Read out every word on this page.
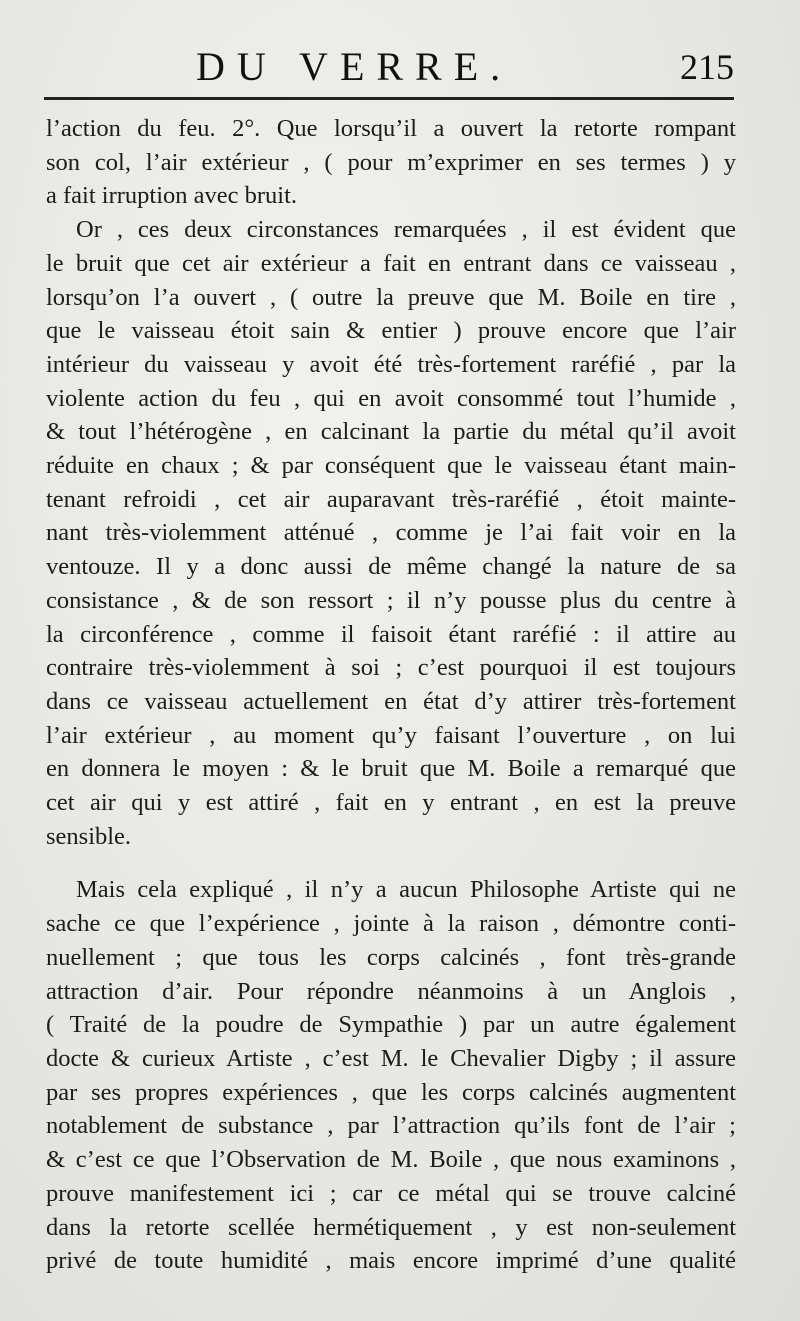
DU VERRE.	215
l’action du feu. 2°. Que lorsqu’il a ouvert la retorte rompant
son col, l’air extérieur , ( pour m’exprimer en ses termes ) y
a fait irruption avec bruit.
Or , ces deux circonstances remarquées , il est évident que
le bruit que cet air extérieur a fait en entrant dans ce vaisseau ,
lorsqu’on l’a ouvert , ( outre la preuve que M. Boile en tire ,
que le vaisseau étoit sain & entier ) prouve encore que l’air
intérieur du vaisseau y avoit été très-fortement raréfié , par la
violente action du feu , qui en avoit consommé tout l’humide ,
& tout l’hétérogène , en calcinant la partie du métal qu’il avoit
réduite en chaux ; & par conséquent que le vaisseau étant main-
tenant refroidi , cet air auparavant très-raréfié , étoit mainte-
nant très-violemment atténué , comme je l’ai fait voir en la
ventouze. Il y a donc aussi de même changé la nature de sa
consistance , & de son ressort ; il n’y pousse plus du centre à
la circonférence , comme il faisoit étant raréfié : il attire au
contraire très-violemment à soi ; c’est pourquoi il est toujours
dans ce vaisseau actuellement en état d’y attirer très-fortement
l’air extérieur , au moment qu’y faisant l’ouverture , on lui
en donnera le moyen : & le bruit que M. Boile a remarqué que
cet air qui y est attiré , fait en y entrant , en est la preuve
sensible.
Mais cela expliqué , il n’y a aucun Philosophe Artiste qui ne
sache ce que l’expérience , jointe à la raison , démontre conti-
nuellement ; que tous les corps calcinés , font très-grande
attraction d’air. Pour répondre néanmoins à un Anglois ,
( Traité de la poudre de Sympathie ) par un autre également
docte & curieux Artiste , c’est M. le Chevalier Digby ; il assure
par ses propres expériences , que les corps calcinés augmentent
notablement de substance , par l’attraction qu’ils font de l’air ;
& c’est ce que l’Observation de M. Boile , que nous examinons ,
prouve manifestement ici ; car ce métal qui se trouve calciné
dans la retorte scellée hermétiquement , y est non-seulement
privé de toute humidité , mais encore imprimé d’une qualité
